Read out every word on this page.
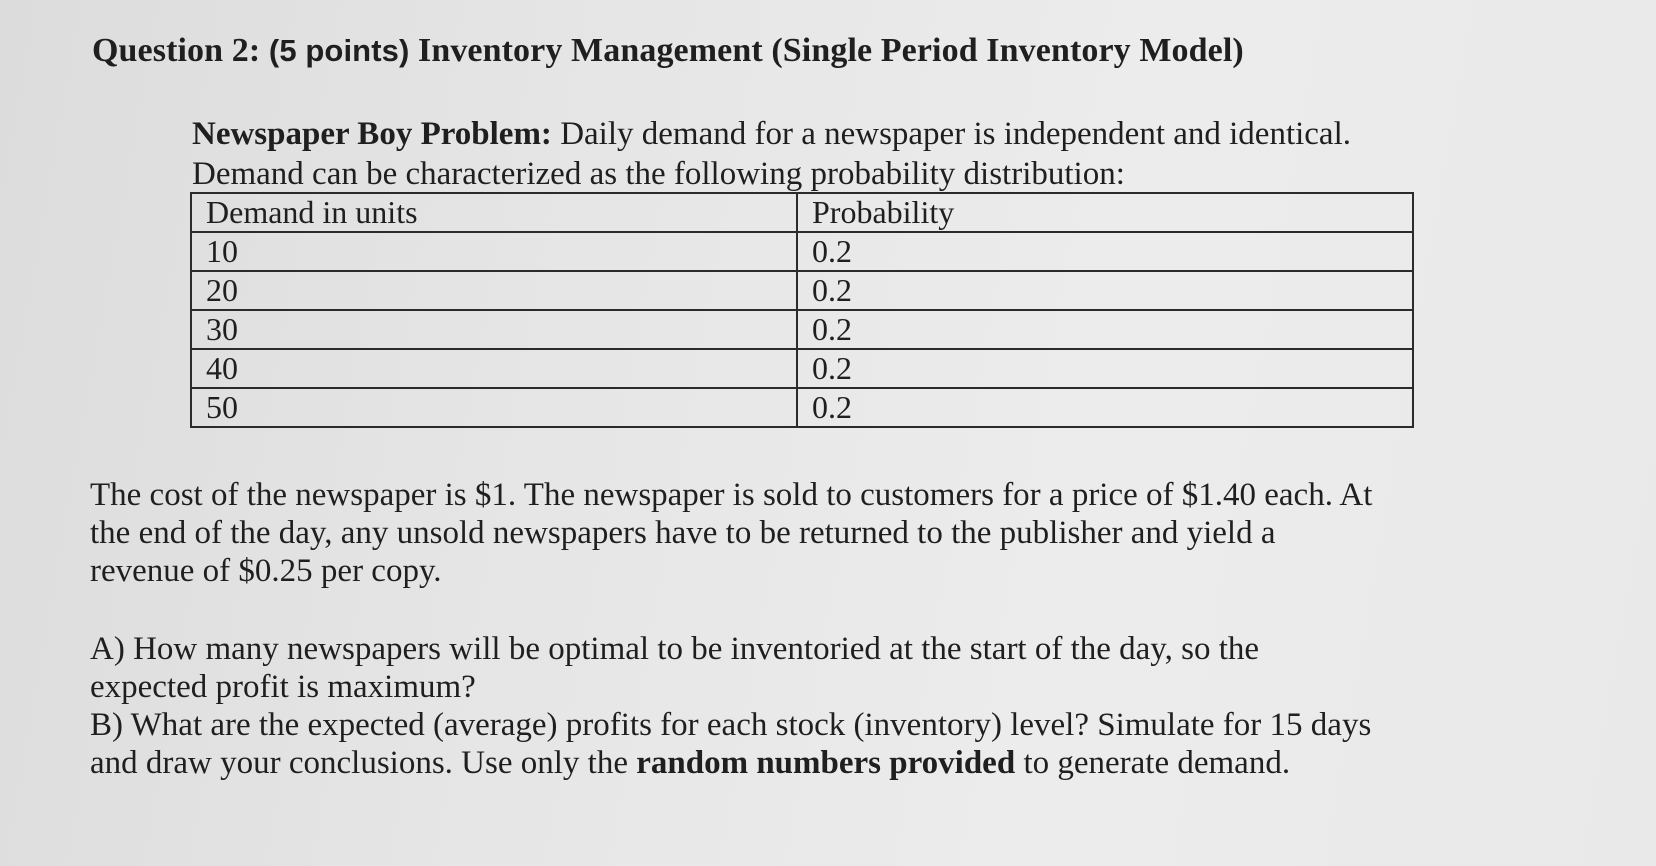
Question 2: (5 points) Inventory Management (Single Period Inventory Model)

Newspaper Boy Problem: Daily demand for a newspaper is independent and identical.

Demand can be characterized as the following probability distribution:

Demand in units	Probability
10	0.2
20	0.2
30	0.2
40	0.2
50	0.2

The cost of the newspaper is $1. The newspaper is sold to customers for a price of $1.40 each. At

the end of the day, any unsold newspapers have to be returned to the publisher and yield a

revenue of $0.25 per copy.

A) How many newspapers will be optimal to be inventoried at the start of the day, so the

expected profit is maximum?

B) What are the expected (average) profits for each stock (inventory) level? Simulate for 15 days

and draw your conclusions. Use only the random numbers provided to generate demand.
